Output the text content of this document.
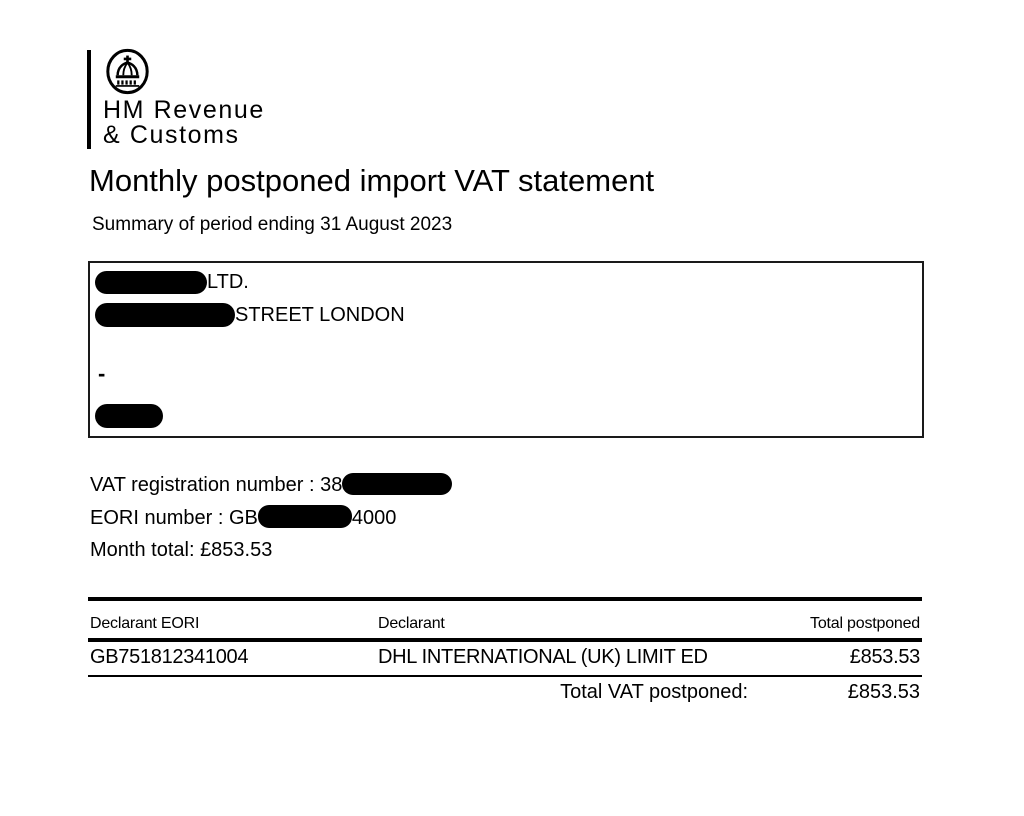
HM Revenue
& Customs
Monthly postponed import VAT statement
Summary of period ending 31 August 2023
LTD.
STREET LONDON
-
VAT registration number : 38
EORI number : GB	4000
Month total: £853.53
Declarant EORI	Declarant	Total postponed
GB751812341004	DHL INTERNATIONAL (UK) LIMIT ED	£853.53
Total VAT postponed:	£853.53
